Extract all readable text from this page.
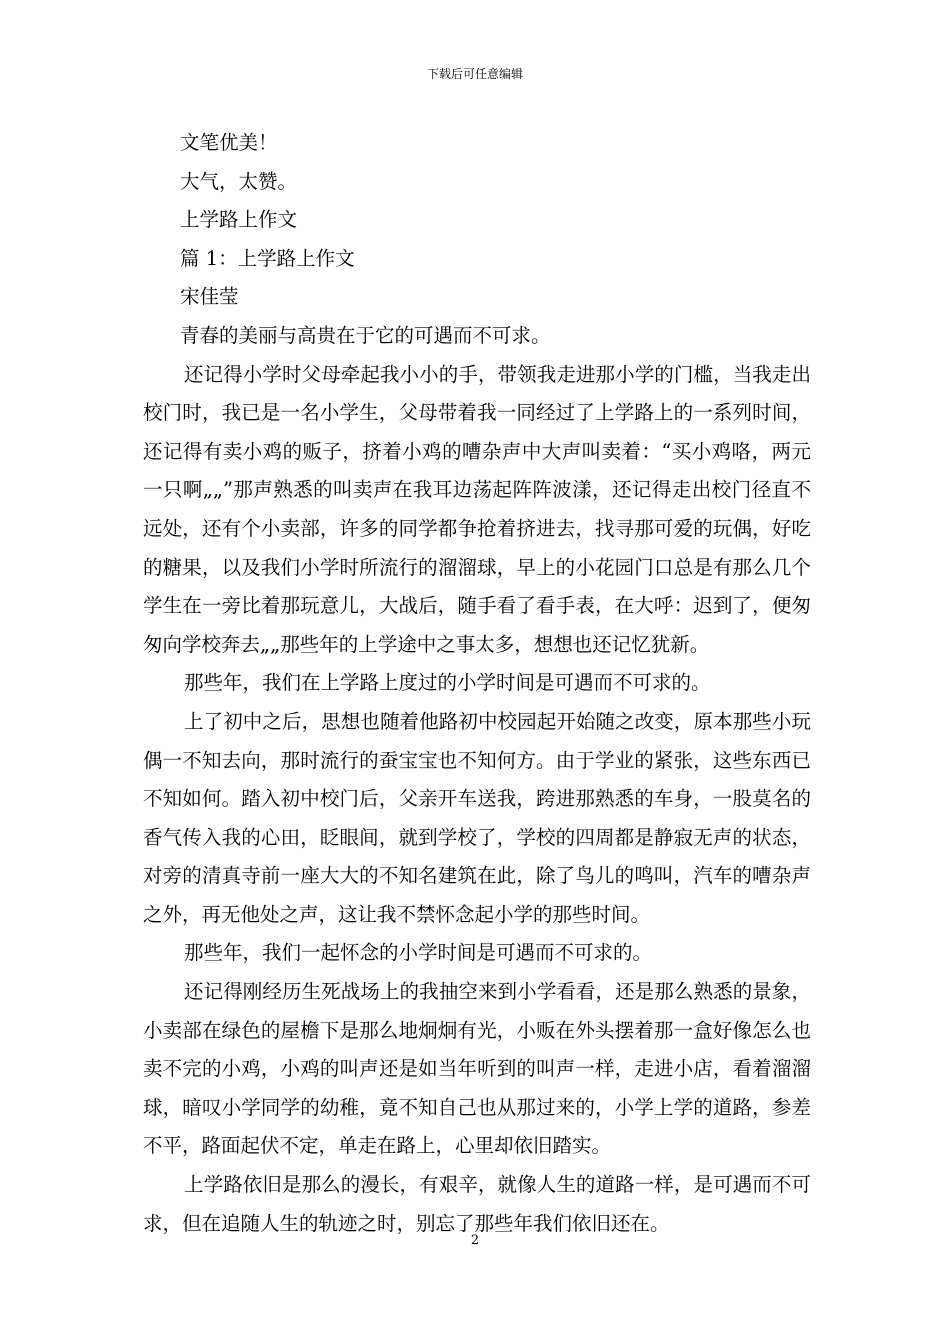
下载后可任意编辑

文笔优美！

大气，太赞。

上学路上作文

篇 1：上学路上作文

宋佳莹

青春的美丽与高贵在于它的可遇而不可求。

还记得小学时父母牵起我小小的手，带领我走进那小学的门槛，当我走出校门时，我已是一名小学生，父母带着我一同经过了上学路上的一系列时间，还记得有卖小鸡的贩子，挤着小鸡的嘈杂声中大声叫卖着：“买小鸡咯，两元一只啊„„”那声熟悉的叫卖声在我耳边荡起阵阵波漾，还记得走出校门径直不远处，还有个小卖部，许多的同学都争抢着挤进去，找寻那可爱的玩偶，好吃的糖果，以及我们小学时所流行的溜溜球，早上的小花园门口总是有那么几个学生在一旁比着那玩意儿，大战后，随手看了看手表，在大呼：迟到了，便匆匆向学校奔去„„那些年的上学途中之事太多，想想也还记忆犹新。

那些年，我们在上学路上度过的小学时间是可遇而不可求的。

上了初中之后，思想也随着他路初中校园起开始随之改变，原本那些小玩偶一不知去向，那时流行的蚕宝宝也不知何方。由于学业的紧张，这些东西已不知如何。踏入初中校门后，父亲开车送我，跨进那熟悉的车身，一股莫名的香气传入我的心田，眨眼间，就到学校了，学校的四周都是静寂无声的状态，对旁的清真寺前一座大大的不知名建筑在此，除了鸟儿的鸣叫，汽车的嘈杂声之外，再无他处之声，这让我不禁怀念起小学的那些时间。

那些年，我们一起怀念的小学时间是可遇而不可求的。

还记得刚经历生死战场上的我抽空来到小学看看，还是那么熟悉的景象，小卖部在绿色的屋檐下是那么地炯炯有光，小贩在外头摆着那一盒好像怎么也卖不完的小鸡，小鸡的叫声还是如当年听到的叫声一样，走进小店，看着溜溜球，暗叹小学同学的幼稚，竟不知自己也从那过来的，小学上学的道路，参差不平，路面起伏不定，单走在路上，心里却依旧踏实。

上学路依旧是那么的漫长，有艰辛，就像人生的道路一样，是可遇而不可求，但在追随人生的轨迹之时，别忘了那些年我们依旧还在。

2
